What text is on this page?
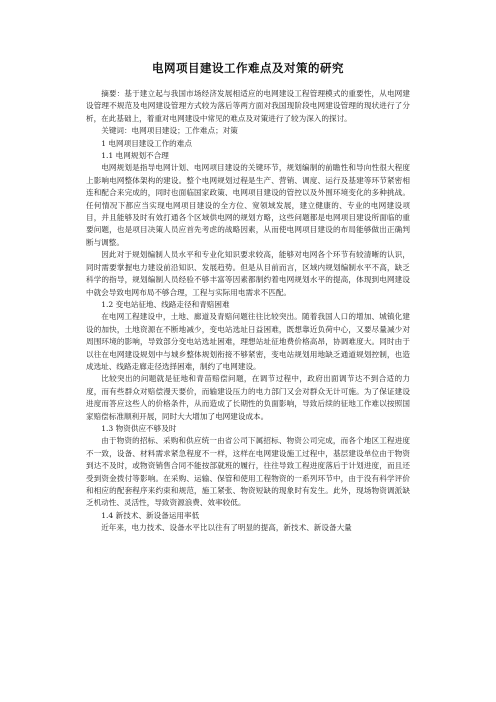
电网项目建设工作难点及对策的研究

摘要：基于建立起与我国市场经济发展相适应的电网建设工程管理模式的重要性，从电网建设管理不规范及电网建设管理方式较为落后等两方面对我国现阶段电网建设管理的现状进行了分析，在此基础上，着重对电网建设中常见的难点及对策进行了较为深入的探讨。

关键词：电网项目建设；工作难点；对策

1 电网项目建设工作的难点

1.1 电网规划不合理

电网规划是指导电网计划、电网项目建设的关键环节，规划编制的前瞻性和导向性很大程度上影响电网整体架构的建设。整个电网规划过程是生产、营销、调度、运行及基建等环节紧密相连和配合来完成的，同时也面临国家政策、电网项目建设的管控以及外围环境变化的多种挑战。任何情况下都应当实现电网项目建设的全方位、宽领域发展，建立健康的、专业的电网建设项目，并且能够及时有效打通各个区域供电网的规划方略，这些问题都是电网项目建设所面临的重要问题，也是项目决策人员应首先考虑的战略因素，从而使电网项目建设的布局能够做出正确判断与调整。

因此对于规划编制人员水平和专业化知识要求较高，能够对电网各个环节有较清晰的认识，同时需要掌握电力建设前沿知识、发展趋势。但是从目前而言，区域内规划编制水平不高，缺乏科学的指导，规划编制人员经验不够丰富等因素都制约着电网规划水平的提高，体现到电网建设中就会导致电网布局不够合理，工程与实际用电需求不匹配。

1.2 变电站征地、线路走径和青赔困难

在电网工程建设中，土地、廊道及青赔问题往往比较突出。随着我国人口的增加、城镇化建设的加快，土地资源在不断地减少，变电站选址日益困难，既想靠近负荷中心，又要尽量减少对周围环境的影响，导致部分变电站选址困难，理想站址征地费价格高昂，协调难度大。同时由于以往在电网建设规划中与城乡整体规划衔接不够紧密，变电站规划用地缺乏通道规划控制，也造成选址、线路走廊走径选择困难，制约了电网建设。

比较突出的问题就是征地和青苗赔偿问题，在调节过程中，政府出面调节达不到合适的力度，而有些群众对赔偿漫天要价，而输建设压力的电力部门又会对群众无计可施。为了保证建设进度而答应这些人的价格条件，从而造成了长期性的负面影响，导致后续的征地工作难以按照国家赔偿标准顺利开展，同时大大增加了电网建设成本。

1.3 物资供应不够及时

由于物资的招标、采购和供应统一由省公司下属招标、物资公司完成，而各个地区工程进度不一致，设备、材料需求紧急程度不一样，这样在电网建设施工过程中，基层建设单位由于物资到达不及时，或物资销售合同不能按部就班的履行，往往导致工程进度落后于计划进度，而且还受到资金拨付等影响。在采购、运输、保管和使用工程物资的一系列环节中，由于没有科学评价和相应的配套程序来约束和规范，施工紧张、物资短缺的现象时有发生。此外，现场物资调派缺乏机动性、灵活性，导致资源浪费、效率较低。

1.4 新技术、新设备运用率低

近年来，电力技术、设备水平比以往有了明显的提高，新技术、新设备大量
